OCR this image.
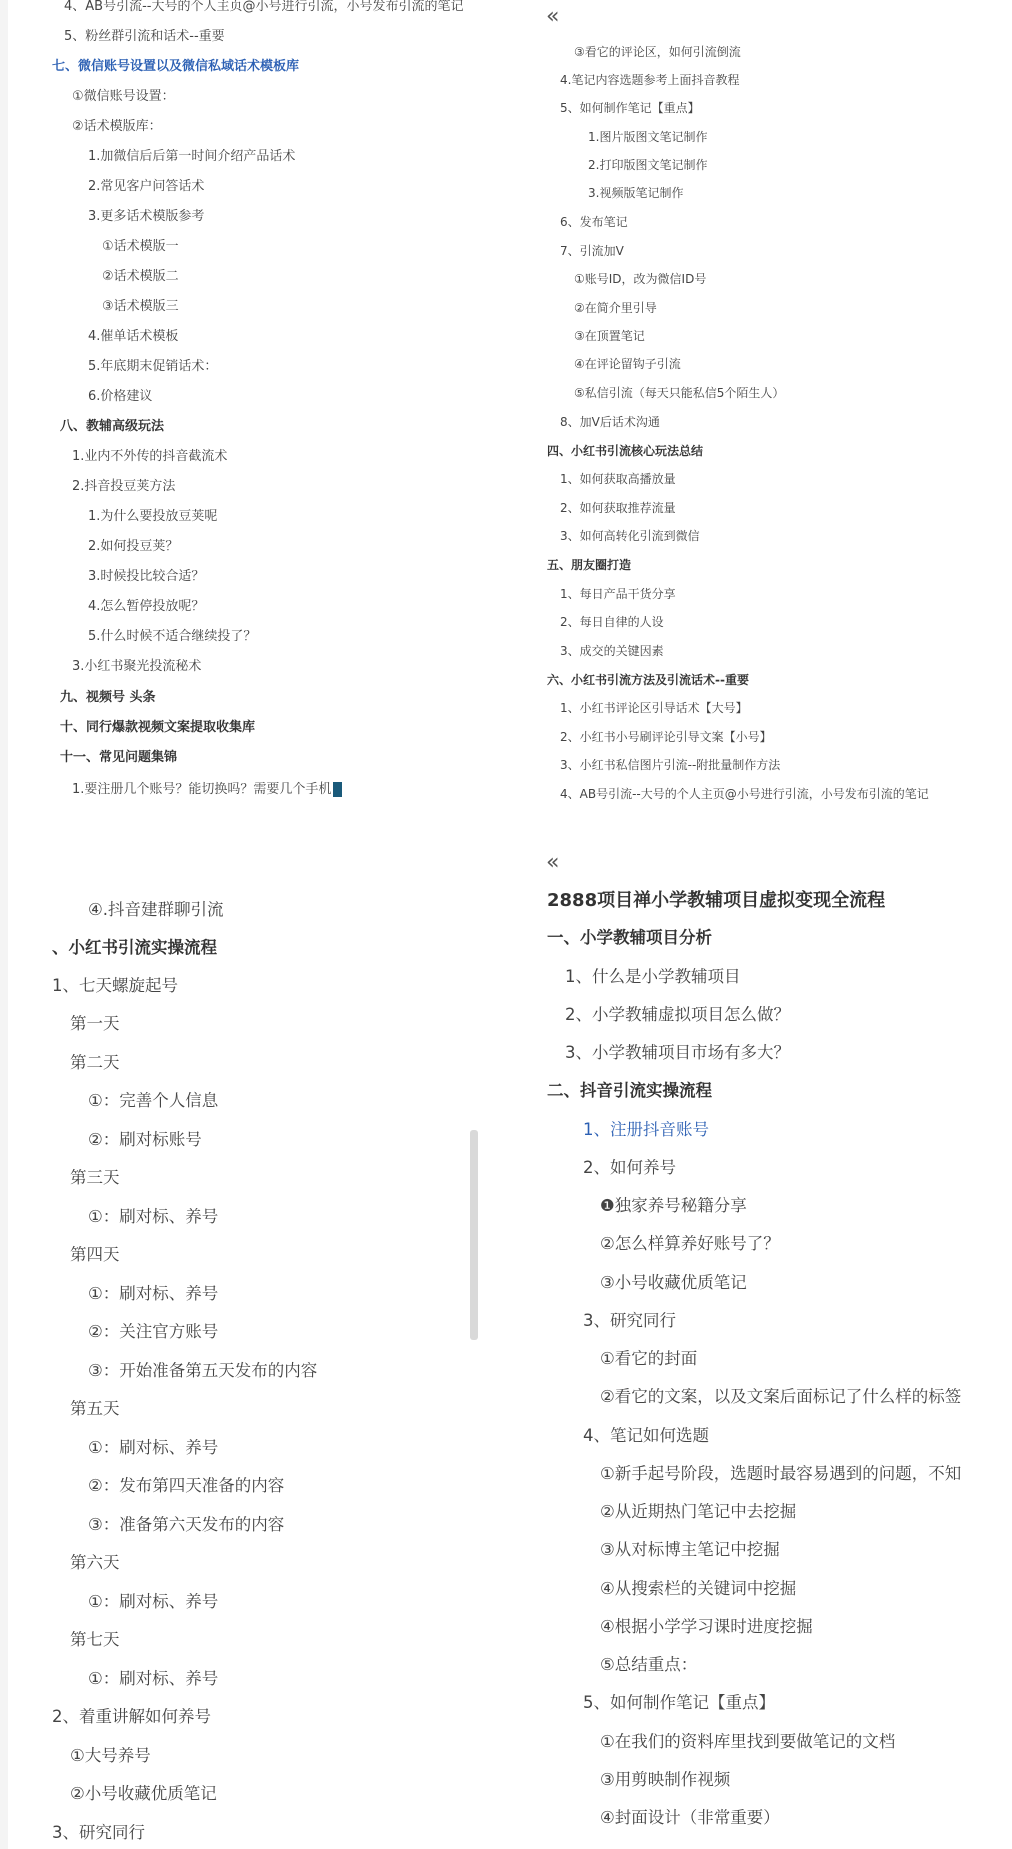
4、AB号引流--大号的个人主页@小号进行引流，小号发布引流的笔记
5、粉丝群引流和话术--重要
七、微信账号设置以及微信私域话术模板库
①微信账号设置：
②话术模版库：
1.加微信后后第一时间介绍产品话术
2.常见客户问答话术
3.更多话术模版参考
①话术模版一
②话术模版二
③话术模版三
4.催单话术模板
5.年底期末促销话术：
6.价格建议
八、教辅高级玩法
1.业内不外传的抖音截流术
2.抖音投豆荚方法
1.为什么要投放豆荚呢
2.如何投豆荚？
3.时候投比较合适？
4.怎么暂停投放呢？
5.什么时候不适合继续投了？
3.小红书聚光投流秘术
九、视频号 头条
十、同行爆款视频文案提取收集库
十一、常见问题集锦
1.要注册几个账号？能切换吗？需要几个手机
«
③看它的评论区，如何引流倒流
4.笔记内容选题参考上面抖音教程
5、如何制作笔记【重点】
1.图片版图文笔记制作
2.打印版图文笔记制作
3.视频版笔记制作
6、发布笔记
7、引流加V
①账号ID，改为微信ID号
②在简介里引导
③在顶置笔记
④在评论留钩子引流
⑤私信引流（每天只能私信5个陌生人）
8、加V后话术沟通
四、小红书引流核心玩法总结
1、如何获取高播放量
2、如何获取推荐流量
3、如何高转化引流到微信
五、朋友圈打造
1、每日产品干货分享
2、每日自律的人设
3、成交的关键因素
六、小红书引流方法及引流话术--重要
1、小红书评论区引导话术【大号】
2、小红书小号刷评论引导文案【小号】
3、小红书私信图片引流--附批量制作方法
4、AB号引流--大号的个人主页@小号进行引流，小号发布引流的笔记
④.抖音建群聊引流
、小红书引流实操流程
1、七天螺旋起号
第一天
第二天
①：完善个人信息
②：刷对标账号
第三天
①：刷对标、养号
第四天
①：刷对标、养号
②：关注官方账号
③：开始准备第五天发布的内容
第五天
①：刷对标、养号
②：发布第四天准备的内容
③：准备第六天发布的内容
第六天
①：刷对标、养号
第七天
①：刷对标、养号
2、着重讲解如何养号
①大号养号
②小号收藏优质笔记
3、研究同行
«
2888项目禅小学教辅项目虚拟变现全流程
一、小学教辅项目分析
1、什么是小学教辅项目
2、小学教辅虚拟项目怎么做？
3、小学教辅项目市场有多大？
二、抖音引流实操流程
1、注册抖音账号
2、如何养号
❶独家养号秘籍分享
②怎么样算养好账号了？
③小号收藏优质笔记
3、研究同行
①看它的封面
②看它的文案，以及文案后面标记了什么样的标签
4、笔记如何选题
①新手起号阶段，选题时最容易遇到的问题，不知
②从近期热门笔记中去挖掘
③从对标博主笔记中挖掘
④从搜索栏的关键词中挖掘
④根据小学学习课时进度挖掘
⑤总结重点：
5、如何制作笔记【重点】
①在我们的资料库里找到要做笔记的文档
③用剪映制作视频
④封面设计（非常重要）
